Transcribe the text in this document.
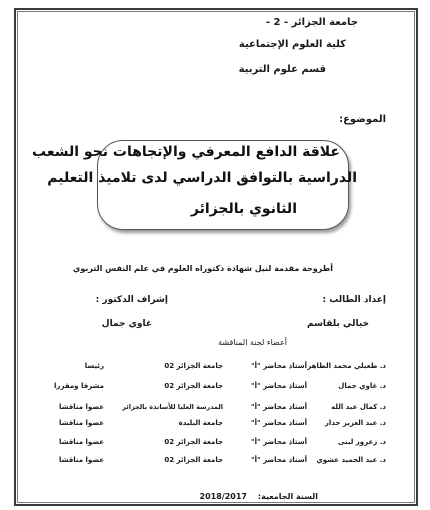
جامعة الجزائر - 2 -
كلية العلوم الإجتماعية
قسم علوم التربية
الموضوع:
علاقة الدافع المعرفي والإتجاهات نحو الشعب
الدراسية بالتوافق الدراسي لدى تلاميذ التعليم
الثانوي بالجزائر
أطروحة مقدمة لنيل شهادة دكتوراه العلوم في علم النفس التربوي
إعداد الطالب :
إشراف الدكتور :
خيالي بلقاسم
غاوي جمال
أعضاء لجنة المناقشة
د. طعبلي محمد الطاهر
أستاذ محاضر "أ"
جامعة الجزائر 02
رئيسا
د. غاوي جمال
أستاذ محاضر "أ"
جامعة الجزائر 02
مشرفا ومقررا
د. كمال عبد الله
أستاذ محاضر "أ"
المدرسة العليا للأساتذة بالجزائر
عضوا مناقشا
د. عبد العزيز حدار
أستاذ محاضر "أ"
جامعة البليدة
عضوا مناقشا
د. زعرور لبنى
أستاذ محاضر "أ"
جامعة الجزائر 02
عضوا مناقشا
د. عبد الحميد عشوي
أستاذ محاضر "أ"
جامعة الجزائر 02
عضوا مناقشا
السنة الجامعية:
2018/2017
